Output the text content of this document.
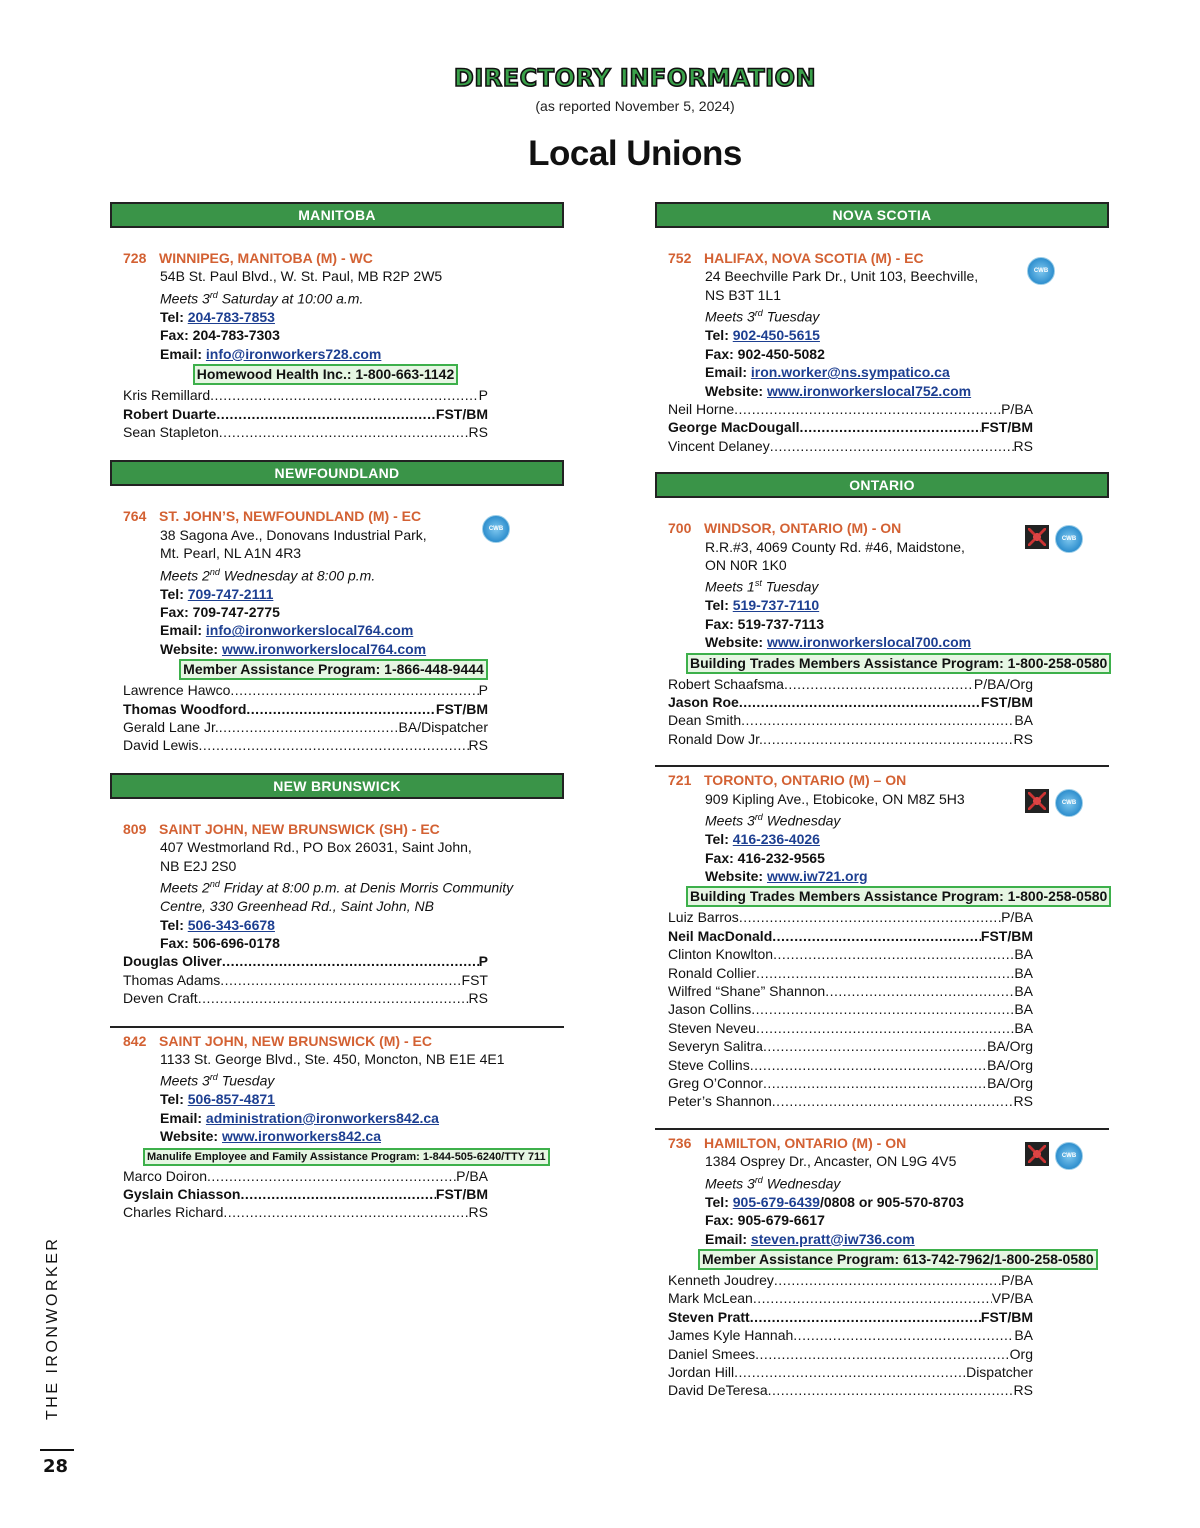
DIRECTORY INFORMATION
(as reported November 5, 2024)
Local Unions
MANITOBA
728 WINNIPEG, MANITOBA (M) - WC
54B St. Paul Blvd., W. St. Paul, MB R2P 2W5
Meets 3rd Saturday at 10:00 a.m.
Tel: 204-783-7853
Fax: 204-783-7303
Email: info@ironworkers728.com
Homewood Health Inc.: 1-800-663-1142
Kris Remillard .....	P
Robert Duarte .....	FST/BM
Sean Stapleton .....	RS
NEWFOUNDLAND
CWB
764 ST. JOHN’S, NEWFOUNDLAND (M) - EC
38 Sagona Ave., Donovans Industrial Park,
Mt. Pearl, NL A1N 4R3
Meets 2nd Wednesday at 8:00 p.m.
Tel: 709-747-2111
Fax: 709-747-2775
Email: info@ironworkerslocal764.com
Website: www.ironworkerslocal764.com
Member Assistance Program: 1-866-448-9444
Lawrence Hawco .....	P
Thomas Woodford .....	FST/BM
Gerald Lane Jr. .....	BA/Dispatcher
David Lewis .....	RS
NEW BRUNSWICK
809 SAINT JOHN, NEW BRUNSWICK (SH) - EC
407 Westmorland Rd., PO Box 26031, Saint John,
NB E2J 2S0
Meets 2nd Friday at 8:00 p.m. at Denis Morris Community
Centre, 330 Greenhead Rd., Saint John, NB
Tel: 506-343-6678
Fax: 506-696-0178
Douglas Oliver .....	P
Thomas Adams .....	FST
Deven Craft .....	RS
842 SAINT JOHN, NEW BRUNSWICK (M) - EC
1133 St. George Blvd., Ste. 450, Moncton, NB E1E 4E1
Meets 3rd Tuesday
Tel: 506-857-4871
Email: administration@ironworkers842.ca
Website: www.ironworkers842.ca
Manulife Employee and Family Assistance Program: 1-844-505-6240/TTY 711
Marco Doiron .....	P/BA
Gyslain Chiasson .....	FST/BM
Charles Richard .....	RS
NOVA SCOTIA
CWB
752 HALIFAX, NOVA SCOTIA (M) - EC
24 Beechville Park Dr., Unit 103, Beechville,
NS B3T 1L1
Meets 3rd Tuesday
Tel: 902-450-5615
Fax: 902-450-5082
Email: iron.worker@ns.sympatico.ca
Website: www.ironworkerslocal752.com
Neil Horne .....	P/BA
George MacDougall .....	FST/BM
Vincent Delaney .....	RS
ONTARIO
CWB
700 WINDSOR, ONTARIO (M) - ON
R.R.#3, 4069 County Rd. #46, Maidstone,
ON N0R 1K0
Meets 1st Tuesday
Tel: 519-737-7110
Fax: 519-737-7113
Website: www.ironworkerslocal700.com
Building Trades Members Assistance Program: 1-800-258-0580
Robert Schaafsma .....	P/BA/Org
Jason Roe .....	FST/BM
Dean Smith .....	BA
Ronald Dow Jr. .....	RS
CWB
721 TORONTO, ONTARIO (M) – ON
909 Kipling Ave., Etobicoke, ON M8Z 5H3
Meets 3rd Wednesday
Tel: 416-236-4026
Fax: 416-232-9565
Website: www.iw721.org
Building Trades Members Assistance Program: 1-800-258-0580
Luiz Barros .....	P/BA
Neil MacDonald .....	FST/BM
Clinton Knowlton .....	BA
Ronald Collier .....	BA
Wilfred “Shane” Shannon .....	BA
Jason Collins .....	BA
Steven Neveu .....	BA
Severyn Salitra .....	BA/Org
Steve Collins .....	BA/Org
Greg O’Connor .....	BA/Org
Peter’s Shannon .....	RS
CWB
736 HAMILTON, ONTARIO (M) - ON
1384 Osprey Dr., Ancaster, ON L9G 4V5
Meets 3rd Wednesday
Tel: 905-679-6439/0808 or 905-570-8703
Fax: 905-679-6617
Email: steven.pratt@iw736.com
Member Assistance Program: 613-742-7962/1-800-258-0580
Kenneth Joudrey .....	P/BA
Mark McLean .....	VP/BA
Steven Pratt .....	FST/BM
James Kyle Hannah .....	BA
Daniel Smees .....	Org
Jordan Hill .....	Dispatcher
David DeTeresa .....	RS
THE IRONWORKER
28
